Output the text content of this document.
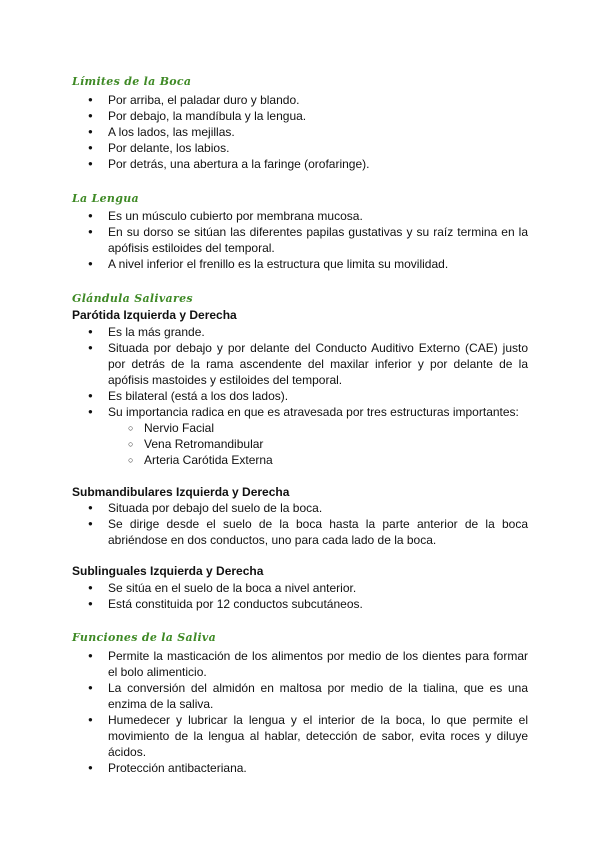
Límites de la Boca
● Por arriba, el paladar duro y blando.
● Por debajo, la mandíbula y la lengua.
● A los lados, las mejillas.
● Por delante, los labios.
● Por detrás, una abertura a la faringe (orofaringe).
La Lengua
● Es un músculo cubierto por membrana mucosa.
● En su dorso se sitúan las diferentes papilas gustativas y su raíz termina en la apófisis estiloides del temporal.
● A nivel inferior el frenillo es la estructura que limita su movilidad.
Glándula Salivares
Parótida Izquierda y Derecha
● Es la más grande.
● Situada por debajo y por delante del Conducto Auditivo Externo (CAE) justo por detrás de la rama ascendente del maxilar inferior y por delante de la apófisis mastoides y estiloides del temporal.
● Es bilateral (está a los dos lados).
● Su importancia radica en que es atravesada por tres estructuras importantes:
○ Nervio Facial
○ Vena Retromandibular
○ Arteria Carótida Externa
Submandibulares Izquierda y Derecha
● Situada por debajo del suelo de la boca.
● Se dirige desde el suelo de la boca hasta la parte anterior de la boca abriéndose en dos conductos, uno para cada lado de la boca.
Sublinguales Izquierda y Derecha
● Se sitúa en el suelo de la boca a nivel anterior.
● Está constituida por 12 conductos subcutáneos.
Funciones de la Saliva
● Permite la masticación de los alimentos por medio de los dientes para formar el bolo alimenticio.
● La conversión del almidón en maltosa por medio de la tialina, que es una enzima de la saliva.
● Humedecer y lubricar la lengua y el interior de la boca, lo que permite el movimiento de la lengua al hablar, detección de sabor, evita roces y diluye ácidos.
● Protección antibacteriana.
